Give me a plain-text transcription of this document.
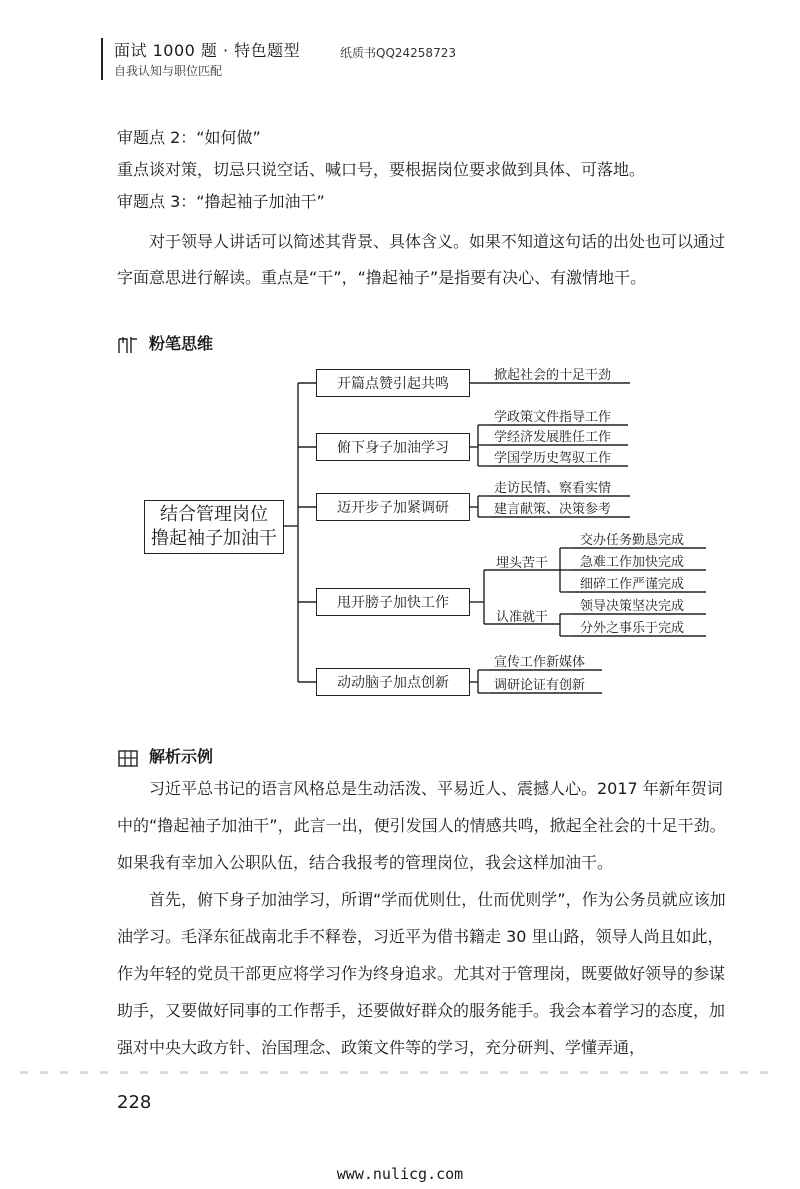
面试 1000 题 · 特色题型
自我认知与职位匹配
纸质书QQ24258723
审题点 2：“如何做”
重点谈对策，切忌只说空话、喊口号，要根据岗位要求做到具体、可落地。
审题点 3：“撸起袖子加油干”
对于领导人讲话可以简述其背景、具体含义。如果不知道这句话的出处也可以通过字面意思进行解读。重点是“干”，“撸起袖子”是指要有决心、有激情地干。
粉笔思维
结合管理岗位
撸起袖子加油干
开篇点赞引起共鸣
俯下身子加油学习
迈开步子加紧调研
甩开膀子加快工作
动动脑子加点创新
掀起社会的十足干劲
学政策文件指导工作
学经济发展胜任工作
学国学历史驾驭工作
走访民情、察看实情
建言献策、决策参考
埋头苦干
认准就干
交办任务勤恳完成
急难工作加快完成
细碎工作严谨完成
领导决策坚决完成
分外之事乐于完成
宣传工作新媒体
调研论证有创新
解析示例
习近平总书记的语言风格总是生动活泼、平易近人、震撼人心。2017 年新年贺词中的“撸起袖子加油干”，此言一出，便引发国人的情感共鸣，掀起全社会的十足干劲。如果我有幸加入公职队伍，结合我报考的管理岗位，我会这样加油干。
首先，俯下身子加油学习，所谓“学而优则仕，仕而优则学”，作为公务员就应该加油学习。毛泽东征战南北手不释卷，习近平为借书籍走 30 里山路，领导人尚且如此，作为年轻的党员干部更应将学习作为终身追求。尤其对于管理岗，既要做好领导的参谋助手，又要做好同事的工作帮手，还要做好群众的服务能手。我会本着学习的态度，加强对中央大政方针、治国理念、政策文件等的学习，充分研判、学懂弄通，
228
www.nulicg.com
